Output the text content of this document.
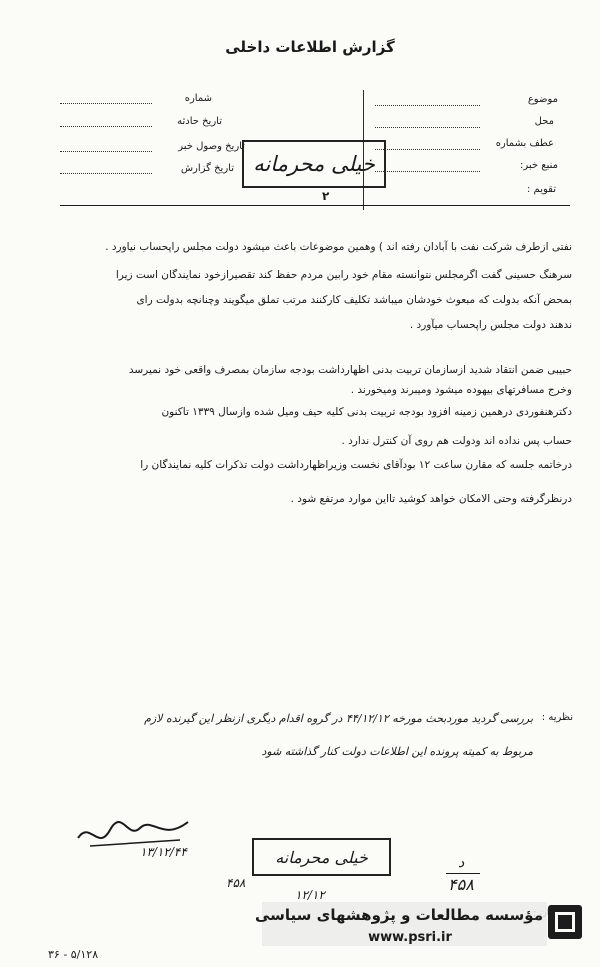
گزارش اطلاعات داخلی
موضوع
محل
عطف بشماره
منبع خبر:
تقویم :
شماره
تاریخ حادثه
تاریخ وصول خبر
تاریخ گزارش خیلی محرمانه
۲
نفتی ازطرف شرکت نفت با آبادان رفته اند ) وهمین موضوعات باعث میشود دولت مجلس راپحساب نیاورد .
سرهنگ حسینی گفت اگرمجلس نتوانسته مقام خود رابین مردم حفظ کند تقصیرازخود نمایندگان است زیرا
بمحض آنکه بدولت که مبعوث خودشان میباشد تکلیف کارکنند مرتب تملق میگویند وچنانچه بدولت رای
ندهند دولت مجلس راپحساب میآورد .
حبیبی ضمن انتقاد شدید ازسازمان تربیت بدنی اظهارداشت بودجه سازمان بمصرف واقعی خود نمیرسد
وخرج مسافرتهای بیهوده میشود ومیبرند ومیخورند .
دکترهنفوردی درهمین زمینه افزود بودجه تربیت بدنی کلیه حیف ومیل شده وازسال ۱۳۳۹ تاکنون
حساب پس نداده اند ودولت هم روی آن کنترل ندارد .
درخاتمه جلسه که مقارن ساعت ۱۲ بودآقای نخست وزیراظهارداشت دولت تذکرات کلیه نمایندگان را
درنظرگرفته وحتی الامکان خواهد کوشید تااین موارد مرتفع شود .
نظریه :
بررسی گردید موردبحث مورخه ۴۴/۱۲/۱۲ در گروه اقدام دیگری ازنظر این گیرنده لازم
مربوط به کمیته پرونده این اطلاعات دولت کنار گذاشته شود
۱۳/۱۲/۴۴	خیلی محرمانه
۴۵۸
۱۲/۱۲
د
۴۵۸
مؤسسه مطالعات و پژوهشهای سیاسی
www.psri.ir
۳۶ - ۵/۱۲۸
